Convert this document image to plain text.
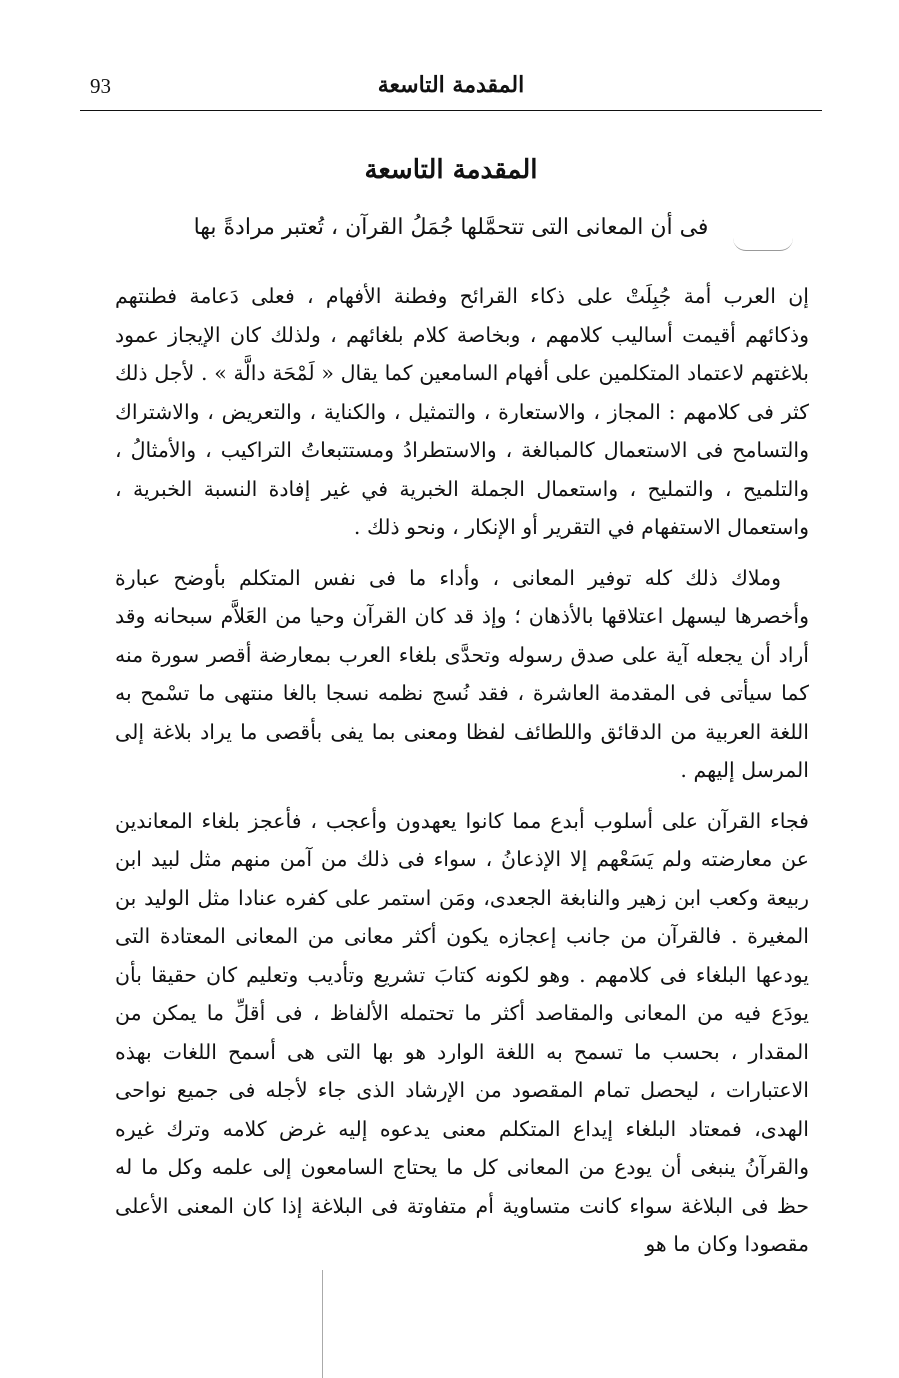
93	المقدمة التاسعة
المقدمة التاسعة
فى أن المعانى التى تتحمَّلها جُمَلُ القرآن ، تُعتبر مرادةً بها

إن العرب أمة جُبِلَتْ على ذكاء القرائح وفطنة الأفهام ، فعلى دَعامة فطنتهم وذكائهم أقيمت أساليب كلامهم ، وبخاصة كلام بلغائهم ، ولذلك كان الإيجاز عمود بلاغتهم لاعتماد المتكلمين على أفهام السامعين كما يقال « لَمْحَة دالَّة » . لأجل ذلك كثر فى كلامهم : المجاز ، والاستعارة ، والتمثيل ، والكناية ، والتعريض ، والاشتراك والتسامح فى الاستعمال كالمبالغة ، والاستطرادُ ومستتبعاتُ التراكيب ، والأمثالُ ، والتلميح ، والتمليح ، واستعمال الجملة الخبرية في غير إفادة النسبة الخبرية ، واستعمال الاستفهام في التقرير أو الإنكار ، ونحو ذلك .

وملاك ذلك كله توفير المعانى ، وأداء ما فى نفس المتكلم بأوضح عبارة وأخصرها ليسهل اعتلاقها بالأذهان ؛ وإذ قد كان القرآن وحيا من العَلاَّم سبحانه وقد أراد أن يجعله آية على صدق رسوله وتحدَّى بلغاء العرب بمعارضة أقصر سورة منه كما سيأتى فى المقدمة العاشرة ، فقد نُسج نظمه نسجا بالغا منتهى ما تسْمح به اللغة العربية من الدقائق واللطائف لفظا ومعنى بما يفى بأقصى ما يراد بلاغة إلى المرسل إليهم .

فجاء القرآن على أسلوب أبدع مما كانوا يعهدون وأعجب ، فأعجز بلغاء المعاندين عن معارضته ولم يَسَعْهم إلا الإذعانُ ، سواء فى ذلك من آمن منهم مثل لبيد ابن ربيعة وكعب ابن زهير والنابغة الجعدى، ومَن استمر على كفره عنادا مثل الوليد بن المغيرة . فالقرآن من جانب إعجازه يكون أكثر معانى من المعانى المعتادة التى يودعها البلغاء فى كلامهم . وهو لكونه كتابَ تشريع وتأديب وتعليم كان حقيقا بأن يودَع فيه من المعانى والمقاصد أكثر ما تحتمله الألفاظ ، فى أقلِّ ما يمكن من المقدار ، بحسب ما تسمح به اللغة الوارد هو بها التى هى أسمح اللغات بهذه الاعتبارات ، ليحصل تمام المقصود من الإرشاد الذى جاء لأجله فى جميع نواحى الهدى، فمعتاد البلغاء إيداع المتكلم معنى يدعوه إليه غرض كلامه وترك غيره والقرآنُ ينبغى أن يودع من المعانى كل ما يحتاج السامعون إلى علمه وكل ما له حظ فى البلاغة سواء كانت متساوية أم متفاوتة فى البلاغة إذا كان المعنى الأعلى مقصودا وكان ما هو
